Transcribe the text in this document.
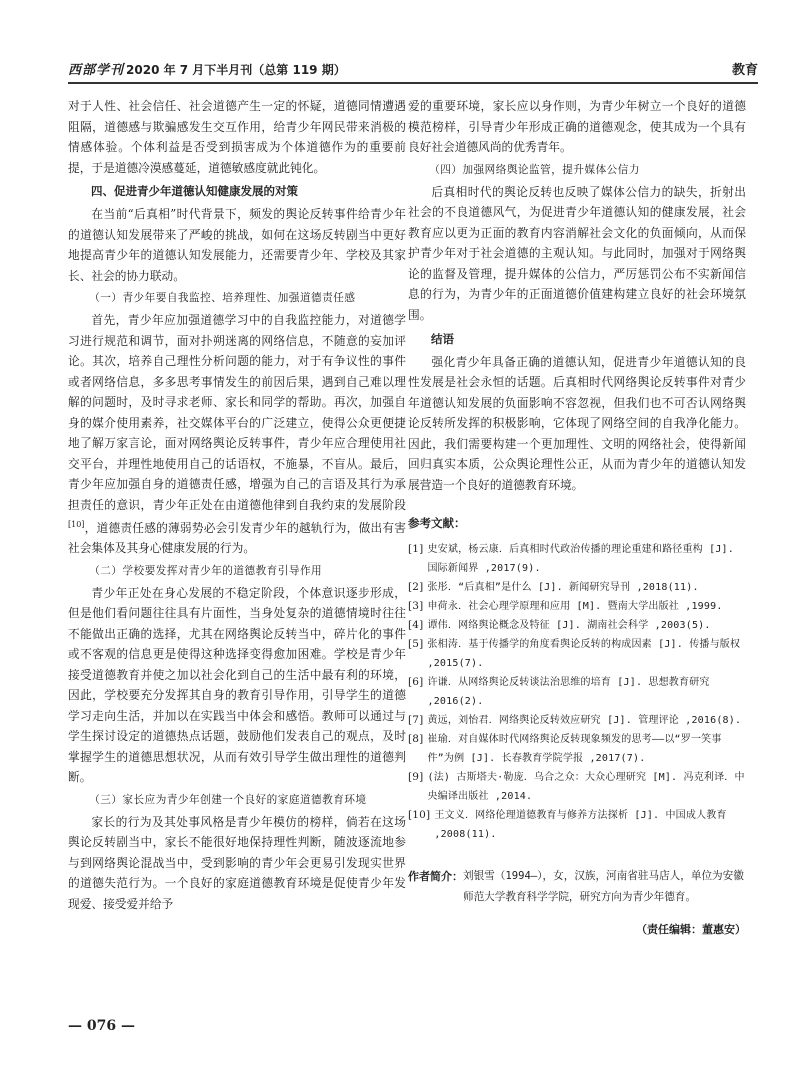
西部学刊 2020 年 7 月下半月刊（总第 119 期）	教育

对于人性、社会信任、社会道德产生一定的怀疑，道德同情遭遇阻隔，道德感与欺骗感发生交互作用，给青少年网民带来消极的情感体验。个体利益是否受到损害成为个体道德作为的重要前提，于是道德冷漠感蔓延，道德敏感度就此钝化。

四、促进青少年道德认知健康发展的对策

在当前“后真相”时代背景下，频发的舆论反转事件给青少年的道德认知发展带来了严峻的挑战，如何在这场反转剧当中更好地提高青少年的道德认知发展能力，还需要青少年、学校及其家长、社会的协力联动。

（一）青少年要自我监控、培养理性、加强道德责任感

首先，青少年应加强道德学习中的自我监控能力，对道德学习进行规范和调节，面对扑朔迷离的网络信息，不随意的妄加评论。其次，培养自己理性分析问题的能力，对于有争议性的事件或者网络信息，多多思考事情发生的前因后果，遇到自己难以理解的问题时，及时寻求老师、家长和同学的帮助。再次，加强自身的媒介使用素养，社交媒体平台的广泛建立，使得公众更便捷地了解万家言论，面对网络舆论反转事件，青少年应合理使用社交平台，并理性地使用自己的话语权，不施暴，不盲从。最后，青少年应加强自身的道德责任感，增强为自己的言语及其行为承担责任的意识，青少年正处在由道德他律到自我约束的发展阶段[10]，道德责任感的薄弱势必会引发青少年的越轨行为，做出有害社会集体及其身心健康发展的行为。

（二）学校要发挥对青少年的道德教育引导作用

青少年正处在身心发展的不稳定阶段，个体意识逐步形成，但是他们看问题往往具有片面性，当身处复杂的道德情境时往往不能做出正确的选择，尤其在网络舆论反转当中，碎片化的事件或不客观的信息更是使得这种选择变得愈加困难。学校是青少年接受道德教育并使之加以社会化到自己的生活中最有利的环境，因此，学校要充分发挥其自身的教育引导作用，引导学生的道德学习走向生活，并加以在实践当中体会和感悟。教师可以通过与学生探讨设定的道德热点话题，鼓励他们发表自己的观点，及时掌握学生的道德思想状况，从而有效引导学生做出理性的道德判断。

（三）家长应为青少年创建一个良好的家庭道德教育环境

家长的行为及其处事风格是青少年模仿的榜样，倘若在这场舆论反转剧当中，家长不能很好地保持理性判断，随波逐流地参与到网络舆论混战当中，受到影响的青少年会更易引发现实世界的道德失范行为。一个良好的家庭道德教育环境是促使青少年发现爱、接受爱并给予

爱的重要环境，家长应以身作则，为青少年树立一个良好的道德模范榜样，引导青少年形成正确的道德观念，使其成为一个具有良好社会道德风尚的优秀青年。

（四）加强网络舆论监管，提升媒体公信力

后真相时代的舆论反转也反映了媒体公信力的缺失，折射出社会的不良道德风气，为促进青少年道德认知的健康发展，社会教育应以更为正面的教育内容消解社会文化的负面倾向，从而保护青少年对于社会道德的主观认知。与此同时，加强对于网络舆论的监督及管理，提升媒体的公信力，严厉惩罚公布不实新闻信息的行为，为青少年的正面道德价值建构建立良好的社会环境氛围。

结语

强化青少年具备正确的道德认知，促进青少年道德认知的良性发展是社会永恒的话题。后真相时代网络舆论反转事件对青少年道德认知发展的负面影响不容忽视，但我们也不可否认网络舆论反转所发挥的积极影响，它体现了网络空间的自我净化能力。因此，我们需要构建一个更加理性、文明的网络社会，使得新闻回归真实本质，公众舆论理性公正，从而为青少年的道德认知发展营造一个良好的道德教育环境。

参考文献：
[1] 史安斌，杨云康．后真相时代政治传播的理论重建和路径重构 [J]. 国际新闻界 ,2017(9).
[2] 张彤．“后真相”是什么 [J]. 新闻研究导刊 ,2018(11).
[3] 申荷永．社会心理学原理和应用 [M]. 暨南大学出版社 ,1999.
[4] 谭伟．网络舆论概念及特征 [J]. 湖南社会科学 ,2003(5).
[5] 张相涛．基于传播学的角度看舆论反转的构成因素 [J]. 传播与版权 ,2015(7).
[6] 许谦．从网络舆论反转谈法治思维的培育 [J]. 思想教育研究 ,2016(2).
[7] 黄远，刘怡君．网络舆论反转效应研究 [J]. 管理评论 ,2016(8).
[8] 崔瑜．对自媒体时代网络舆论反转现象频发的思考——以“罗一笑事件”为例 [J]. 长春教育学院学报 ,2017(7).
[9] (法) 古斯塔夫·勒庞．乌合之众：大众心理研究 [M]. 冯克利译．中央编译出版社 ,2014.
[10] 王文义．网络伦理道德教育与修养方法探析 [J]. 中国成人教育 ,2008(11).
作者简介： 刘银雪（1994—），女，汉族，河南省驻马店人，单位为安徽师范大学教育科学学院，研究方向为青少年德育。
（责任编辑：董惠安）
— 076 —
